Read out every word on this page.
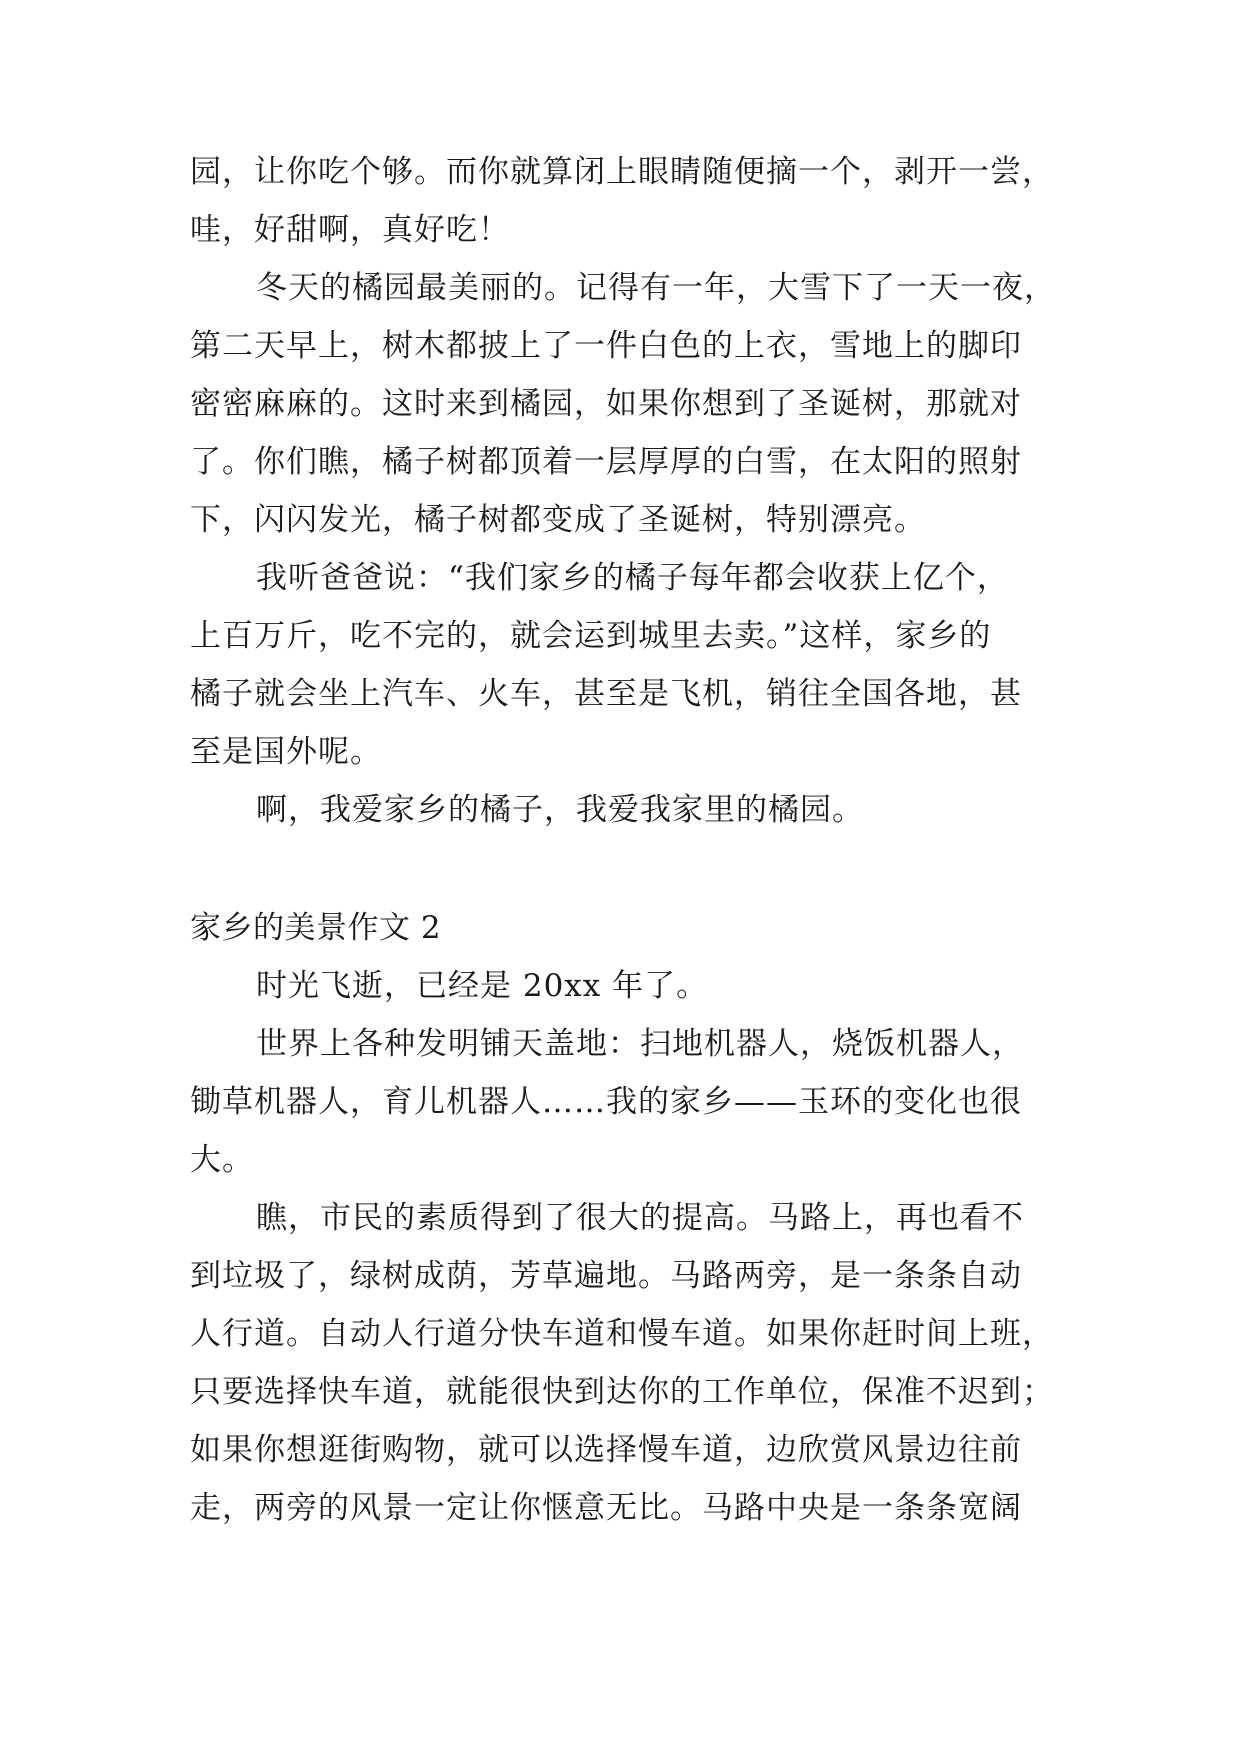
园，让你吃个够。而你就算闭上眼睛随便摘一个，剥开一尝，
哇，好甜啊，真好吃！
冬天的橘园最美丽的。记得有一年，大雪下了一天一夜，
第二天早上，树木都披上了一件白色的上衣，雪地上的脚印
密密麻麻的。这时来到橘园，如果你想到了圣诞树，那就对
了。你们瞧，橘子树都顶着一层厚厚的白雪，在太阳的照射
下，闪闪发光，橘子树都变成了圣诞树，特别漂亮。
我听爸爸说：“我们家乡的橘子每年都会收获上亿个，
上百万斤，吃不完的，就会运到城里去卖。”这样，家乡的
橘子就会坐上汽车、火车，甚至是飞机，销往全国各地，甚
至是国外呢。
啊，我爱家乡的橘子，我爱我家里的橘园。
家乡的美景作文 2
时光飞逝，已经是 20xx 年了。
世界上各种发明铺天盖地：扫地机器人，烧饭机器人，
锄草机器人，育儿机器人……我的家乡——玉环的变化也很
大。
瞧，市民的素质得到了很大的提高。马路上，再也看不
到垃圾了，绿树成荫，芳草遍地。马路两旁，是一条条自动
人行道。自动人行道分快车道和慢车道。如果你赶时间上班，
只要选择快车道，就能很快到达你的工作单位，保准不迟到；
如果你想逛街购物，就可以选择慢车道，边欣赏风景边往前
走，两旁的风景一定让你惬意无比。马路中央是一条条宽阔
